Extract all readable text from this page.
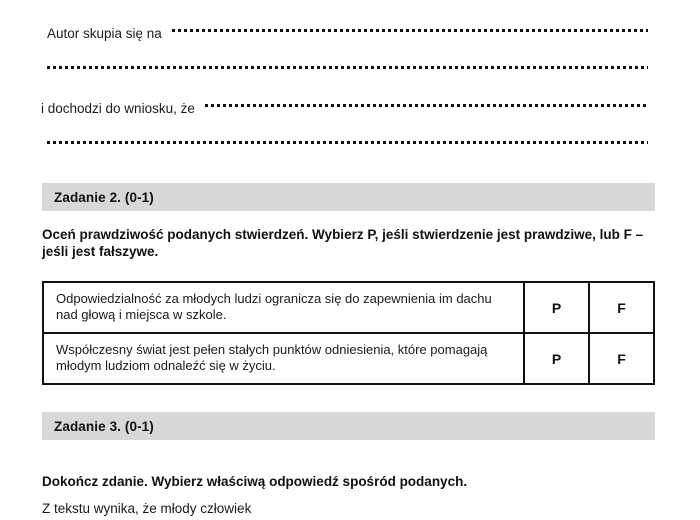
Autor skupia się na
i dochodzi do wniosku, że
Zadanie 2. (0-1)
Oceń prawdziwość podanych stwierdzeń. Wybierz P, jeśli stwierdzenie jest prawdziwe, lub F – jeśli jest fałszywe.
Odpowiedzialność za młodych ludzi ogranicza się do zapewnienia im dachu nad głową i miejsca w szkole.	P	F
Współczesny świat jest pełen stałych punktów odniesienia, które pomagają młodym ludziom odnaleźć się w życiu.	P	F
Zadanie 3. (0-1)
Dokończ zdanie. Wybierz właściwą odpowiedź spośród podanych.
Z tekstu wynika, że młody człowiek
